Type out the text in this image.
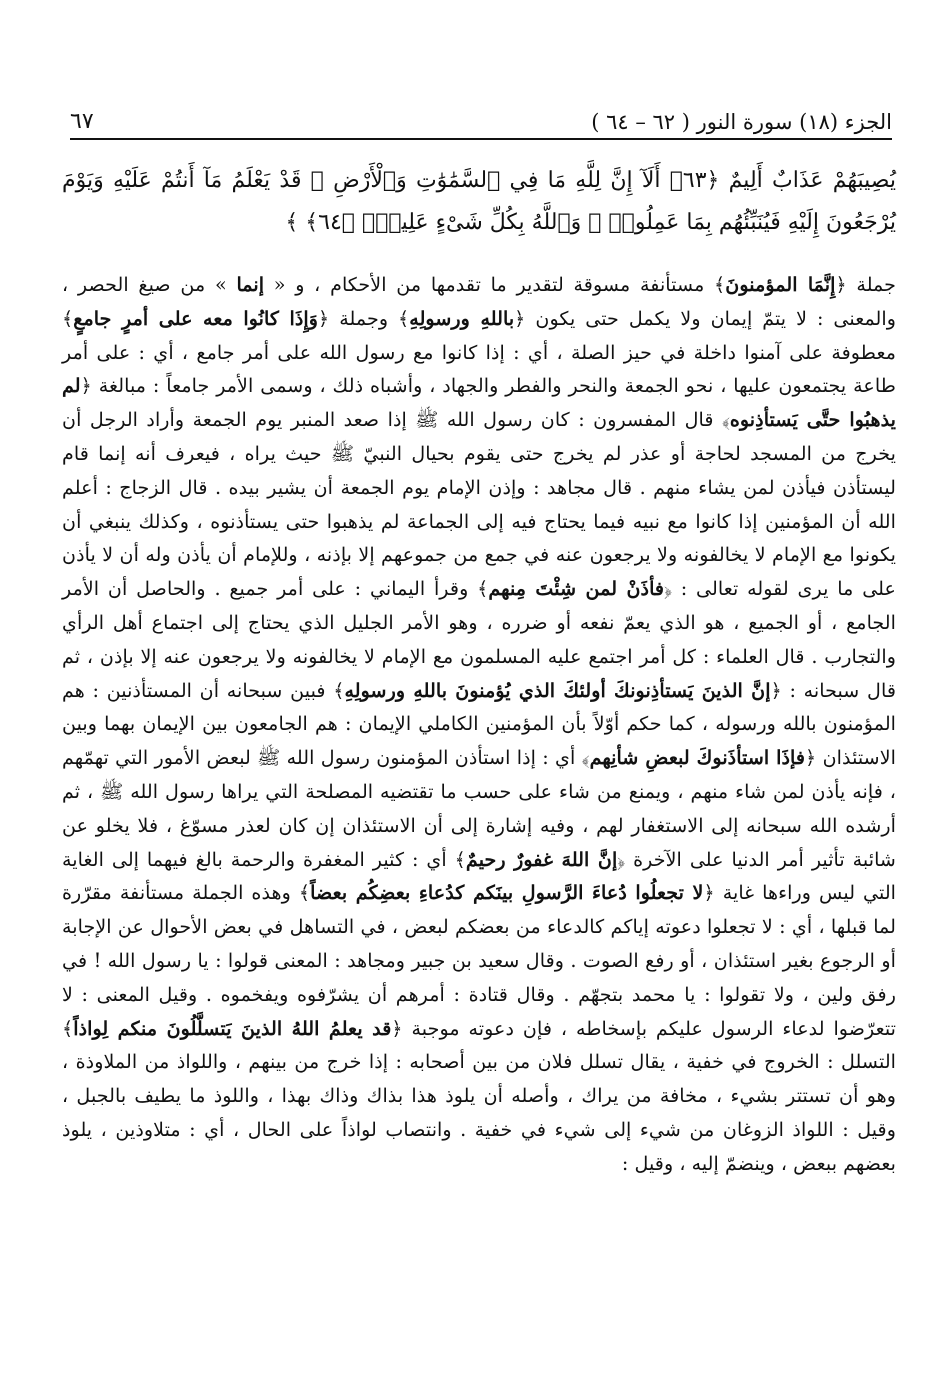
٦٧	الجزء (١٨) سورة النور ( ٦٢ – ٦٤ )
يُصِيبَهُمْ عَذَابٌ أَلِيمٌ ﴿٦٣﴾ أَلَآ إِنَّ لِلَّهِ مَا فِي ٱلسَّمَٰوَٰتِ وَٱلْأَرْضِ ۖ قَدْ يَعْلَمُ مَآ أَنتُمْ عَلَيْهِ وَيَوْمَ يُرْجَعُونَ إِلَيْهِ فَيُنَبِّئُهُم بِمَا عَمِلُوا۟ ۗ وَٱللَّهُ بِكُلِّ شَىْءٍ عَلِيمٌۢ ﴿٦٤﴾ ﴾

جملة ﴿إِنَّمَا المؤمنونَ﴾ مستأنفة مسوقة لتقدير ما تقدمها من الأحكام ، و « إنما » من صيغ الحصر ، والمعنى : لا يتمّ إيمان ولا يكمل حتى يكون ﴿باللهِ ورسولِهِ﴾ وجملة ﴿وَإِذَا كانُوا معه على أمرٍ جامعٍ﴾ معطوفة على آمنوا داخلة في حيز الصلة ، أي : إذا كانوا مع رسول الله على أمر جامع ، أي : على أمر طاعة يجتمعون عليها ، نحو الجمعة والنحر والفطر والجهاد ، وأشباه ذلك ، وسمى الأمر جامعاً : مبالغة ﴿لم يذهبُوا حتَّى يَستأذِنوه﴾ قال المفسرون : كان رسول الله ﷺ إذا صعد المنبر يوم الجمعة وأراد الرجل أن يخرج من المسجد لحاجة أو عذر لم يخرج حتى يقوم بحيال النبيّ ﷺ حيث يراه ، فيعرف أنه إنما قام ليستأذن فيأذن لمن يشاء منهم . قال مجاهد : وإذن الإمام يوم الجمعة أن يشير بيده . قال الزجاج : أعلم الله أن المؤمنين إذا كانوا مع نبيه فيما يحتاج فيه إلى الجماعة لم يذهبوا حتى يستأذنوه ، وكذلك ينبغي أن يكونوا مع الإمام لا يخالفونه ولا يرجعون عنه في جمع من جموعهم إلا بإذنه ، وللإمام أن يأذن وله أن لا يأذن على ما يرى لقوله تعالى : ﴿فأذَنْ لمن شِئْتَ مِنهم﴾ وقرأ اليماني : على أمر جميع . والحاصل أن الأمر الجامع ، أو الجميع ، هو الذي يعمّ نفعه أو ضرره ، وهو الأمر الجليل الذي يحتاج إلى اجتماع أهل الرأي والتجارب . قال العلماء : كل أمر اجتمع عليه المسلمون مع الإمام لا يخالفونه ولا يرجعون عنه إلا بإذن ، ثم قال سبحانه : ﴿إنَّ الذينَ يَستأذِنونكَ أولئكَ الذي يُؤمنونَ باللهِ ورسولِهِ﴾ فبين سبحانه أن المستأذنين : هم المؤمنون بالله ورسوله ، كما حكم أوّلاً بأن المؤمنين الكاملي الإيمان : هم الجامعون بين الإيمان بهما وبين الاستئذان ﴿فإذَا استأذَنوكَ لبعضِ شأنِهم﴾ أي : إذا استأذن المؤمنون رسول الله ﷺ لبعض الأمور التي تهمّهم ، فإنه يأذن لمن شاء منهم ، ويمنع من شاء على حسب ما تقتضيه المصلحة التي يراها رسول الله ﷺ ، ثم أرشده الله سبحانه إلى الاستغفار لهم ، وفيه إشارة إلى أن الاستئذان إن كان لعذر مسوّغ ، فلا يخلو عن شائبة تأثير أمر الدنيا على الآخرة ﴿إنَّ اللهَ غفورٌ رحيمٌ﴾ أي : كثير المغفرة والرحمة بالغ فيهما إلى الغاية التي ليس وراءها غاية ﴿لا تجعلُوا دُعاءَ الرَّسولِ بينَكم كدُعاءِ بعضِكُم بعضاً﴾ وهذه الجملة مستأنفة مقرّرة لما قبلها ، أي : لا تجعلوا دعوته إياكم كالدعاء من بعضكم لبعض ، في التساهل في بعض الأحوال عن الإجابة أو الرجوع بغير استئذان ، أو رفع الصوت . وقال سعيد بن جبير ومجاهد : المعنى قولوا : يا رسول الله ! في رفق ولين ، ولا تقولوا : يا محمد بتجهّم . وقال قتادة : أمرهم أن يشرّفوه ويفخموه . وقيل المعنى : لا تتعرّضوا لدعاء الرسول عليكم بإسخاطه ، فإن دعوته موجبة ﴿قد يعلمُ اللهُ الذينَ يَتسلَّلُونَ منكم لِواذاً﴾ التسلل : الخروج في خفية ، يقال تسلل فلان من بين أصحابه : إذا خرج من بينهم ، واللواذ من الملاوذة ، وهو أن تستتر بشيء ، مخافة من يراك ، وأصله أن يلوذ هذا بذاك وذاك بهذا ، واللوذ ما يطيف بالجبل ، وقيل : اللواذ الزوغان من شيء إلى شيء في خفية . وانتصاب لواذاً على الحال ، أي : متلاوذين ، يلوذ بعضهم ببعض ، وينضمّ إليه ، وقيل :
